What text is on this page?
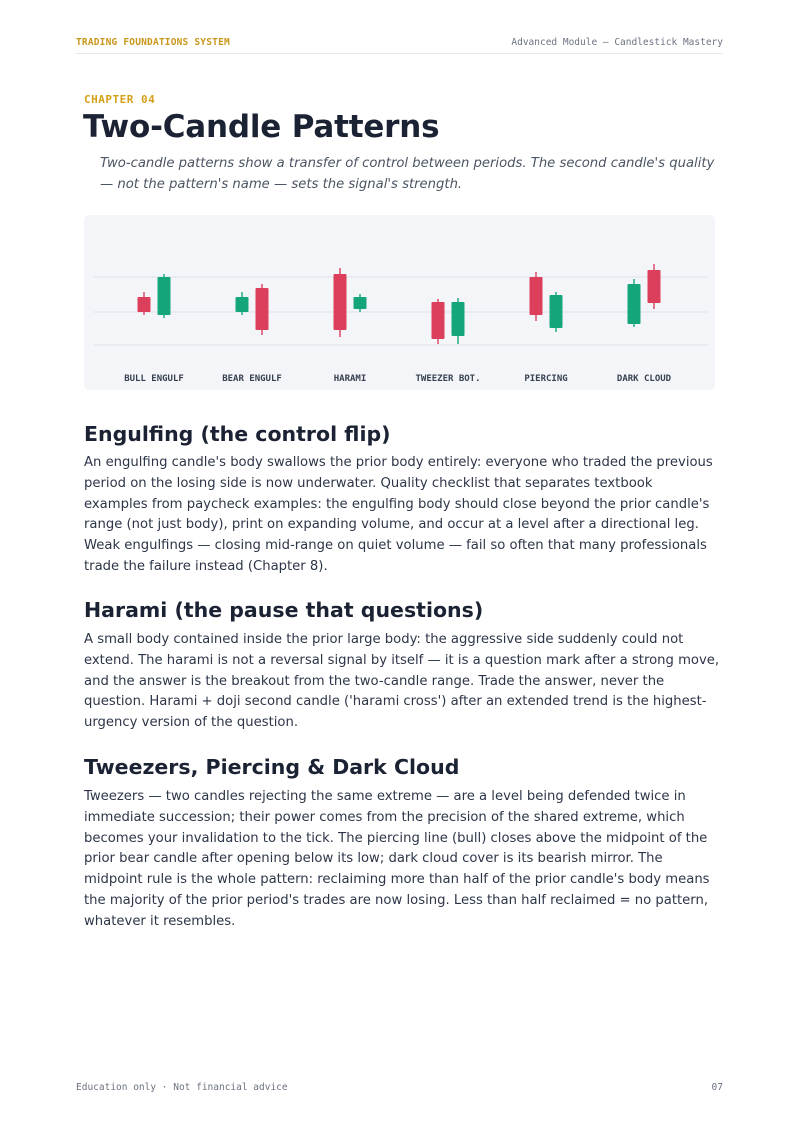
TRADING FOUNDATIONS SYSTEM	Advanced Module — Candlestick Mastery
CHAPTER 04
Two-Candle Patterns

Two-candle patterns show a transfer of control between periods. The second candle's quality — not the pattern's name — sets the signal's strength.

BULL ENGULF	BEAR ENGULF	HARAMI	TWEEZER BOT.	PIERCING	DARK CLOUD
Engulfing (the control flip)

An engulfing candle's body swallows the prior body entirely: everyone who traded the previous period on the losing side is now underwater. Quality checklist that separates textbook examples from paycheck examples: the engulfing body should close beyond the prior candle's range (not just body), print on expanding volume, and occur at a level after a directional leg. Weak engulfings — closing mid-range on quiet volume — fail so often that many professionals trade the failure instead (Chapter 8).

Harami (the pause that questions)

A small body contained inside the prior large body: the aggressive side suddenly could not extend. The harami is not a reversal signal by itself — it is a question mark after a strong move, and the answer is the breakout from the two-candle range. Trade the answer, never the question. Harami + doji second candle ('harami cross') after an extended trend is the highest-urgency version of the question.

Tweezers, Piercing & Dark Cloud

Tweezers — two candles rejecting the same extreme — are a level being defended twice in immediate succession; their power comes from the precision of the shared extreme, which becomes your invalidation to the tick. The piercing line (bull) closes above the midpoint of the prior bear candle after opening below its low; dark cloud cover is its bearish mirror. The midpoint rule is the whole pattern: reclaiming more than half of the prior candle's body means the majority of the prior period's trades are now losing. Less than half reclaimed = no pattern, whatever it resembles.

Education only · Not financial advice	07
